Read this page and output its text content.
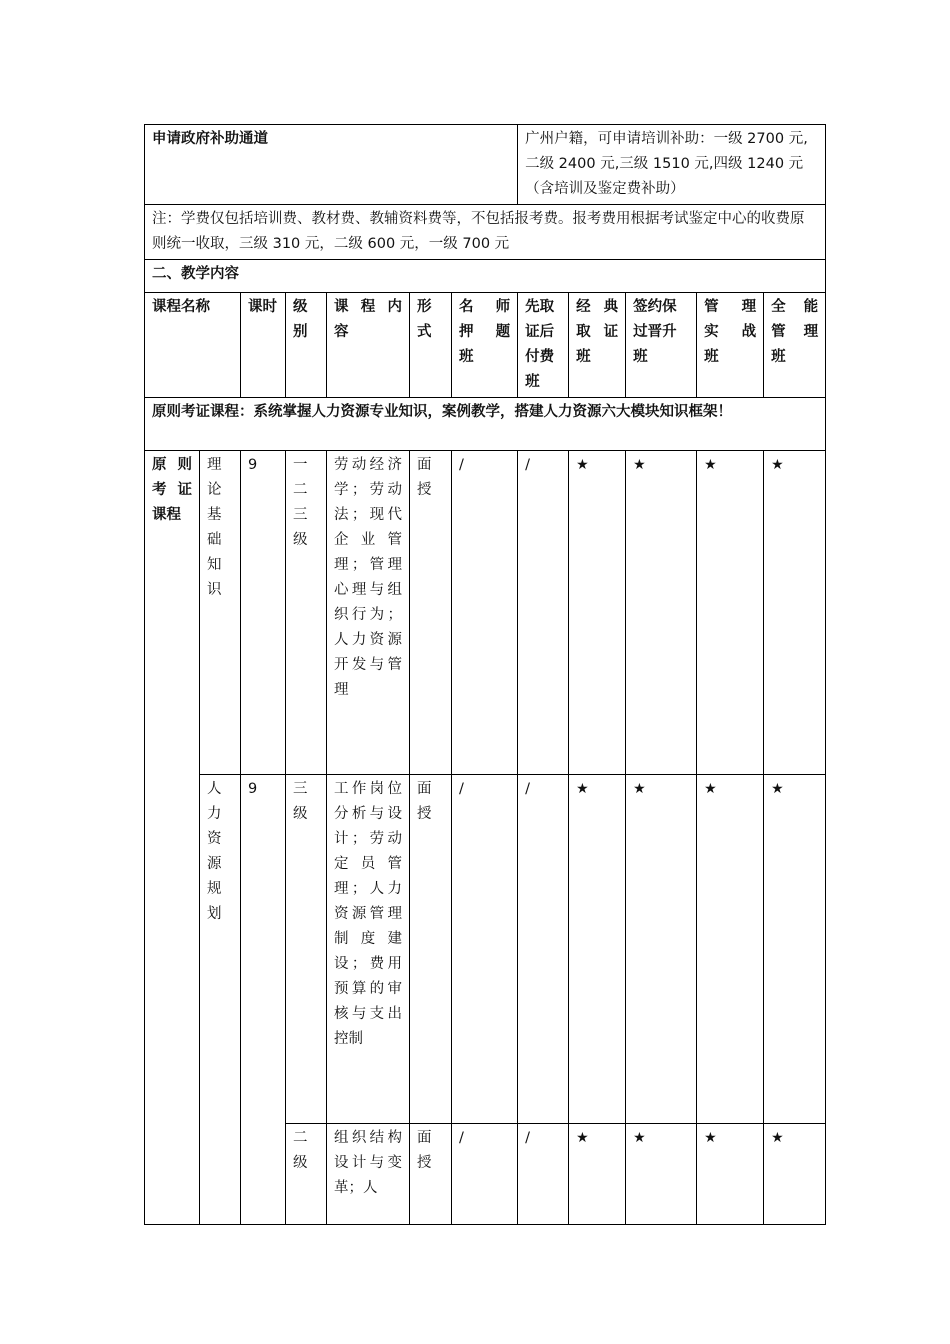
申请政府补助通道							广州户籍，可申请培训补助：一级 2700 元,二级 2400 元,三级 1510 元,四级 1240 元（含培训及鉴定费补助）				
注：学费仅包括培训费、教材费、教辅资料费等，不包括报考费。报考费用根据考试鉴定中心的收费原则统一收取，三级 310 元，二级 600 元，一级 700 元											
二、教学内容											
课程名称		课时	级别	课 程 内 容	形式	名 师 押 题 班	先取证后付费班	经 典 取 证 班	签约保过晋升班	管 理 实 战 班	全 能 管 理 班
原则考证课程：系统掌握人力资源专业知识，案例教学，搭建人力资源六大模块知识框架！											
原则考证课程	理论基础知识	9	一二三级	劳动经济学；劳动法；现代企业管理；管理心理与组织行为；人力资源开发与管理	面授	/	/	★	★	★	★
	人力资源规划	9	三级	工作岗位分析与设计；劳动定员管理；人力资源管理制度建设；费用预算的审核与支出控制	面授	/	/	★	★	★	★
			二级	组织结构设计与变革；人	面授	/	/	★	★	★	★
